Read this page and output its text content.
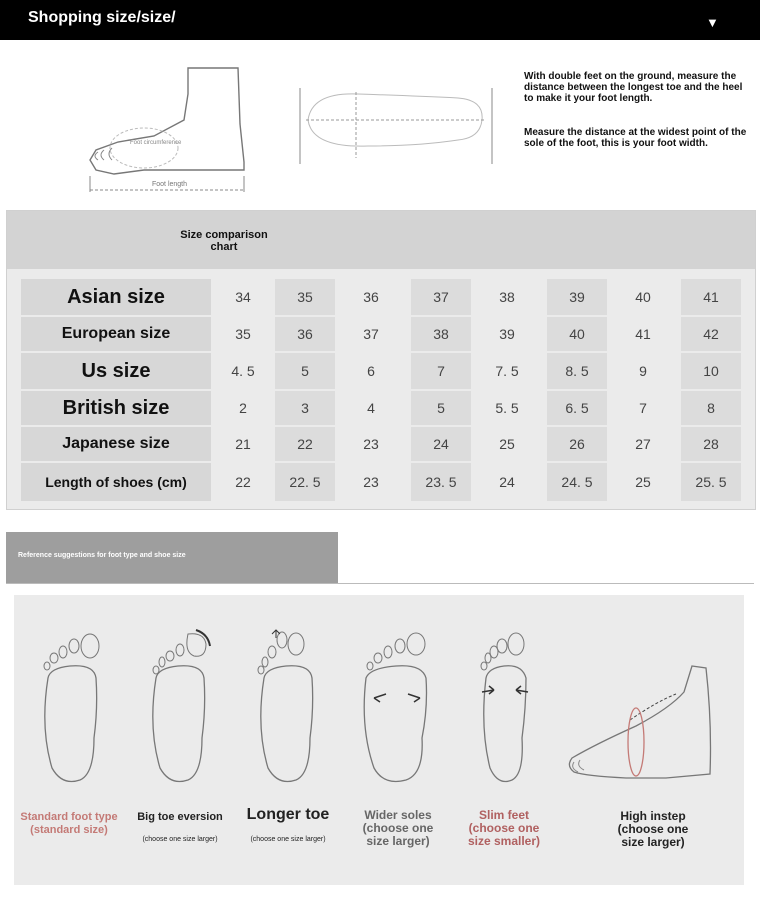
Shopping size/size/	▼
Foot circumference
Foot length
With double feet on the ground, measure the distance between the longest toe and the heel to make it your foot length.
Measure the distance at the widest point of the sole of the foot, this is your foot width.
Size comparison chart
Asian size	34	35	36	37	38	39	40	41
European size	35	36	37	38	39	40	41	42
Us size	4. 5	5	6	7	7. 5	8. 5	9	10
British size	2	3	4	5	5. 5	6. 5	7	8
Japanese size	21	22	23	24	25	26	27	28
Length of shoes (cm)	22	22. 5	23	23. 5	24	24. 5	25	25. 5
Reference suggestions for foot type and shoe size
Standard foot type (standard size)
Big toe eversion
(choose one size larger)
Longer toe
(choose one size larger)
Wider soles (choose one size larger)
Slim feet (choose one size smaller)
High instep (choose one size larger)
